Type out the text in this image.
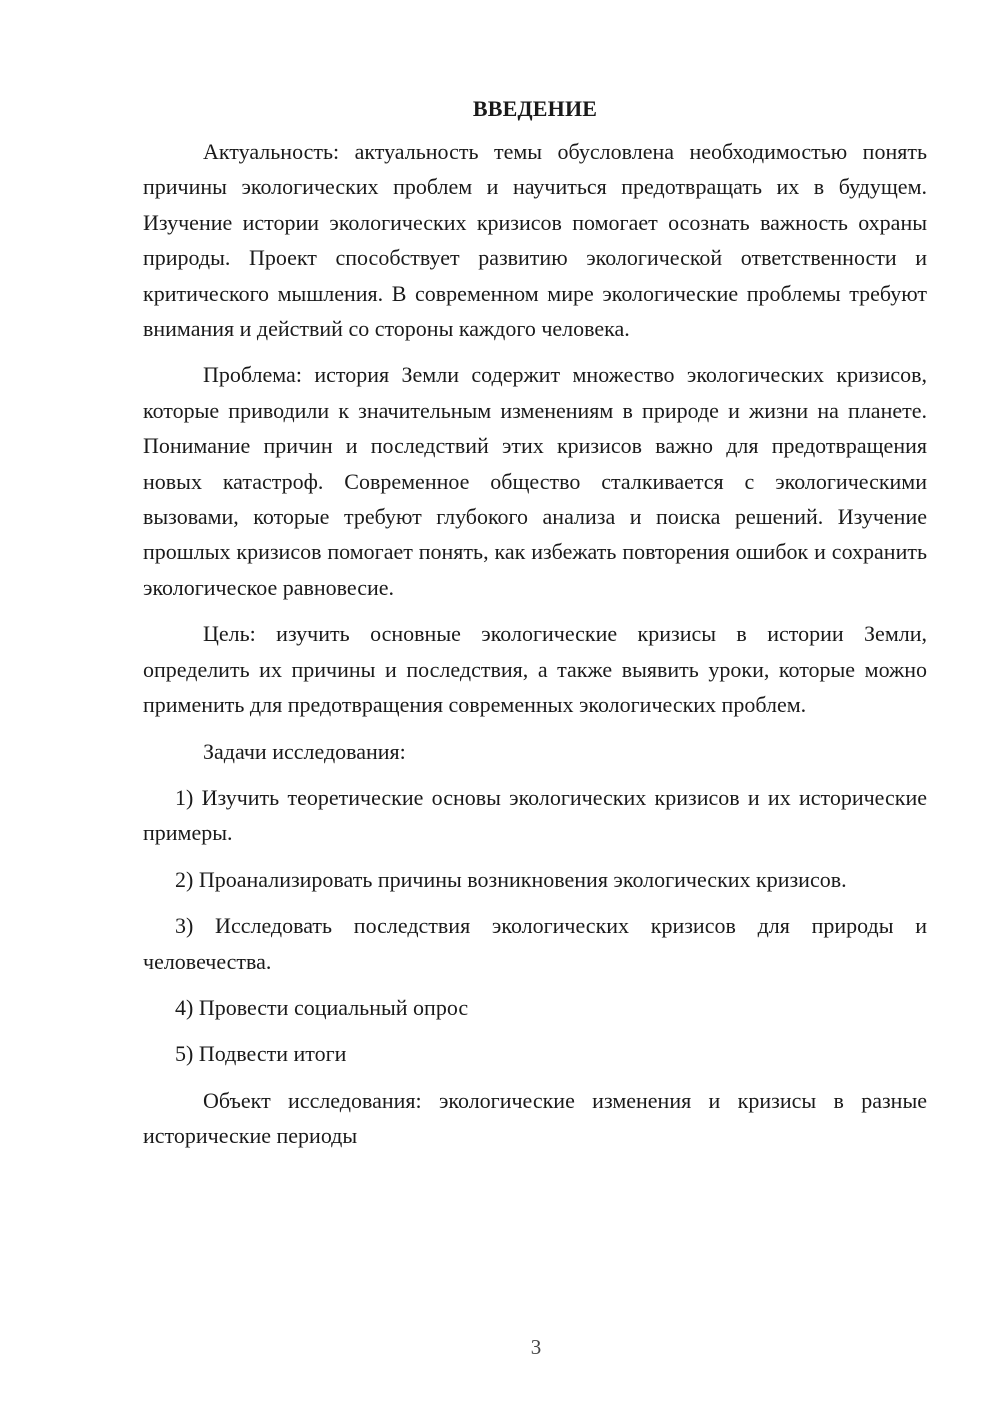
ВВЕДЕНИЕ

Актуальность: актуальность темы обусловлена необходимостью понять причины экологических проблем и научиться предотвращать их в будущем. Изучение истории экологических кризисов помогает осознать важность охраны природы. Проект способствует развитию экологической ответственности и критического мышления. В современном мире экологические проблемы требуют внимания и действий со стороны каждого человека.

Проблема: история Земли содержит множество экологических кризисов, которые приводили к значительным изменениям в природе и жизни на планете. Понимание причин и последствий этих кризисов важно для предотвращения новых катастроф. Современное общество сталкивается с экологическими вызовами, которые требуют глубокого анализа и поиска решений. Изучение прошлых кризисов помогает понять, как избежать повторения ошибок и сохранить экологическое равновесие.

Цель: изучить основные экологические кризисы в истории Земли, определить их причины и последствия, а также выявить уроки, которые можно применить для предотвращения современных экологических проблем.

Задачи исследования:

1) Изучить теоретические основы экологических кризисов и их исторические примеры.

2) Проанализировать причины возникновения экологических кризисов.

3) Исследовать последствия экологических кризисов для природы и человечества.

4) Провести социальный опрос

5) Подвести итоги

Объект исследования: экологические изменения и кризисы в разные исторические периоды

3
